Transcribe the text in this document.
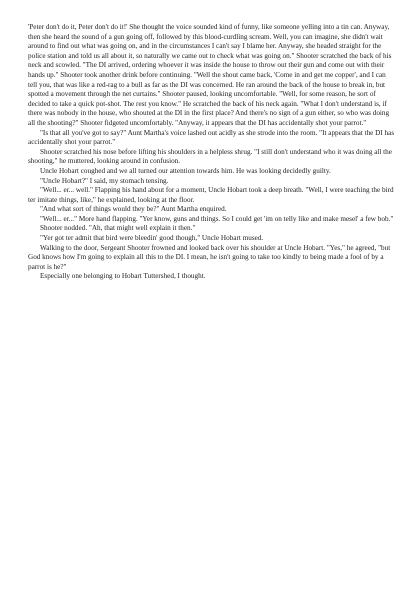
'Peter don't do it, Peter don't do it!' She thought the voice sounded kind of funny, like someone yelling into a tin can. Anyway, then she heard the sound of a gun going off, followed by this blood-curdling scream. Well, you can imagine, she didn't wait around to find out what was going on, and in the circumstances I can't say I blame her. Anyway, she headed straight for the police station and told us all about it, so naturally we came out to check what was going on." Shooter scratched the back of his neck and scowled. "The DI arrived, ordering whoever it was inside the house to throw out their gun and come out with their hands up." Shooter took another drink before continuing. "Well the shout came back, 'Come in and get me copper', and I can tell you, that was like a red-rag to a bull as far as the DI was concerned. He ran around the back of the house to break in, but spotted a movement through the net curtains." Shooter paused, looking uncomfortable. "Well, for some reason, he sort of decided to take a quick pot-shot. The rest you know." He scratched the back of his neck again. "What I don't understand is, if there was nobody in the house, who shouted at the DI in the first place? And there's no sign of a gun either, so who was doing all the shooting?" Shooter fidgeted uncomfortably. "Anyway, it appears that the DI has accidentally shot your parrot."

"Is that all you've got to say?" Aunt Martha's voice lashed out acidly as she strode into the room. "It appears that the DI has accidentally shot your parrot."

Shooter scratched his nose before lifting his shoulders in a helpless shrug. "I still don't understand who it was doing all the shooting," he muttered, looking around in confusion.

Uncle Hobart coughed and we all turned our attention towards him. He was looking decidedly guilty.

"Uncle Hobart?" I said, my stomach tensing.

"Well... er... well." Flapping his hand about for a moment, Uncle Hobart took a deep breath. "Well, I were teaching the bird ter imitate things, like," he explained, looking at the floor.

"And what sort of things would they be?" Aunt Martha enquired.

"Well... er..." More hand flapping. "Yer know, guns and things. So I could get 'im on telly like and make mesel' a few bob."

Shooter nodded. "Ah, that might well explain it then."

"Yer got ter admit that bird were bleedin' good though," Uncle Hobart mused.

Walking to the door, Sergeant Shooter frowned and looked back over his shoulder at Uncle Hobart. "Yes," he agreed, "but God knows how I'm going to explain all this to the DI. I mean, he isn't going to take too kindly to being made a fool of by a parrot is he?"

Especially one belonging to Hobart Tuttershed, I thought.
